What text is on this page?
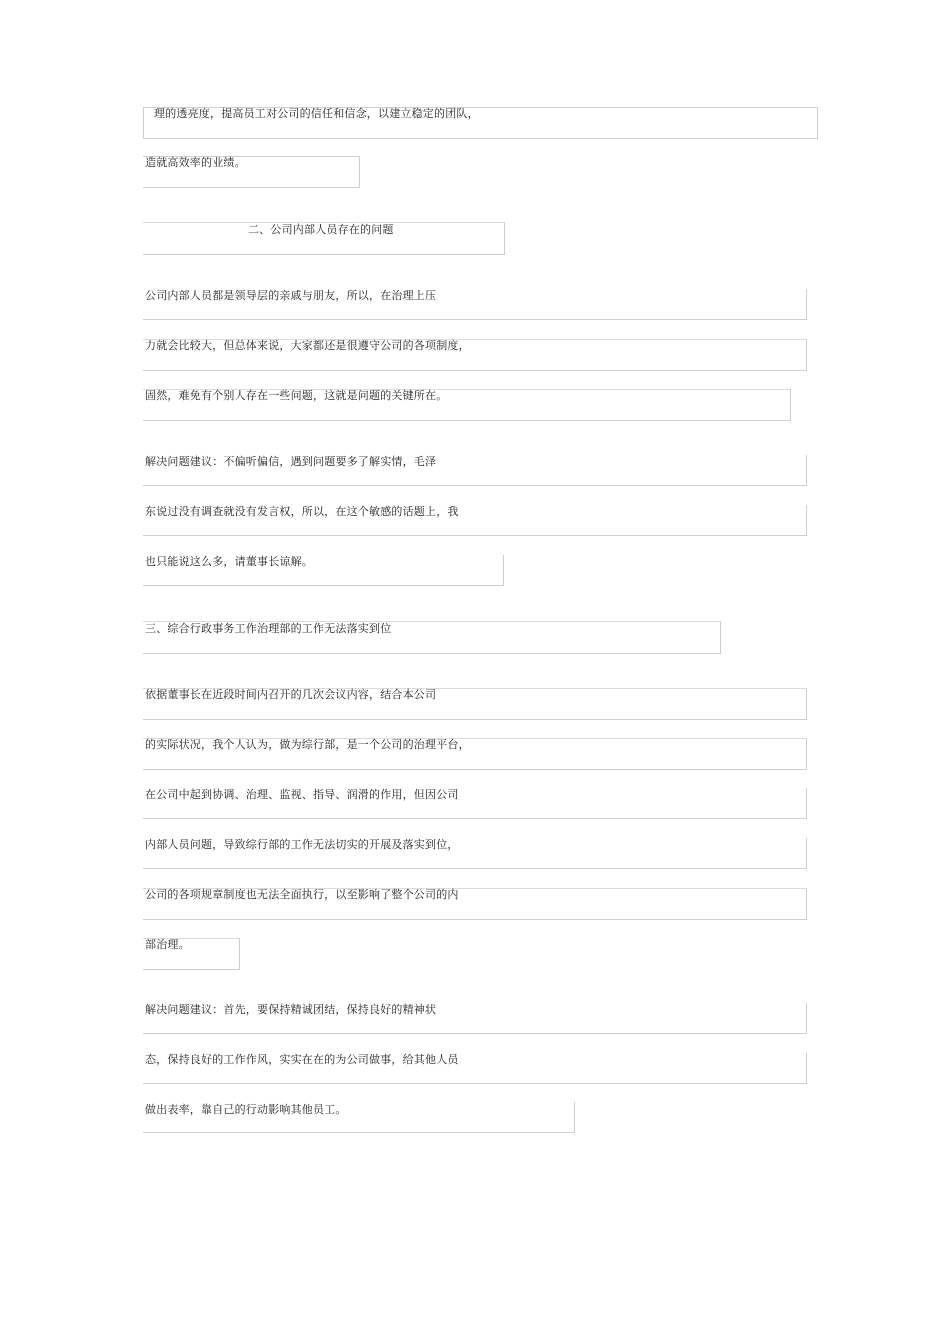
理的透亮度，提高员工对公司的信任和信念，以建立稳定的团队，
造就高效率的业绩。
二、公司内部人员存在的问题
公司内部人员都是领导层的亲戚与朋友，所以，在治理上压
力就会比较大，但总体来说，大家都还是很遵守公司的各项制度，
固然，难免有个别人存在一些问题，这就是问题的关键所在。
解决问题建议：不偏听偏信，遇到问题要多了解实情，毛泽
东说过没有调查就没有发言权，所以，在这个敏感的话题上，我
也只能说这么多，请董事长谅解。
三、综合行政事务工作治理部的工作无法落实到位
依据董事长在近段时间内召开的几次会议内容，结合本公司
的实际状况，我个人认为，做为综行部，是一个公司的治理平台，
在公司中起到协调、治理、监视、指导、润滑的作用，但因公司
内部人员问题，导致综行部的工作无法切实的开展及落实到位，
公司的各项规章制度也无法全面执行，以至影响了整个公司的内
部治理。
解决问题建议：首先，要保持精诚团结，保持良好的精神状
态，保持良好的工作作风，实实在在的为公司做事，给其他人员
做出表率，靠自己的行动影响其他员工。
